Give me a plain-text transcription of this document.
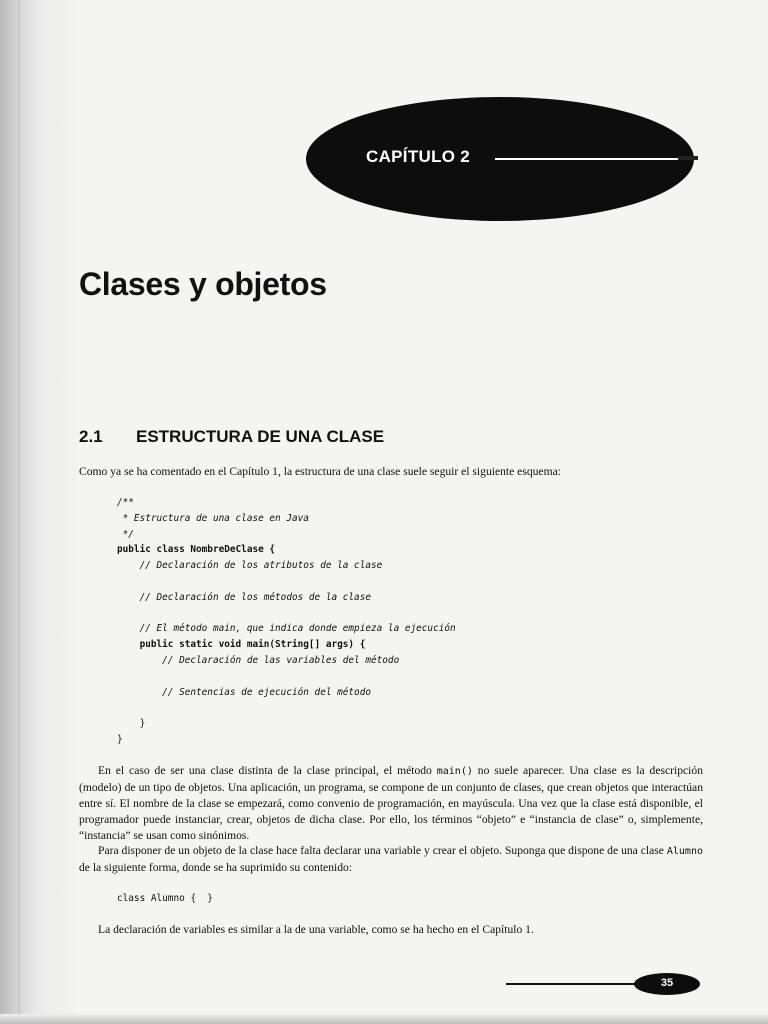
CAPÍTULO 2
Clases y objetos
2.1 ESTRUCTURA DE UNA CLASE

Como ya se ha comentado en el Capítulo 1, la estructura de una clase suele seguir el siguiente esquema:

/**
* Estructura de una clase en Java
*/
public class NombreDeClase {
// Declaración de los atributos de la clase

// Declaración de los métodos de la clase

// El método main, que indica donde empieza la ejecución
public static void main(String[] args) {
// Declaración de las variables del método

// Sentencias de ejecución del método

}
}

En el caso de ser una clase distinta de la clase principal, el método main() no suele aparecer. Una clase es la descripción (modelo) de un tipo de objetos. Una aplicación, un programa, se compone de un conjunto de clases, que crean objetos que interactúan entre sí. El nombre de la clase se empezará, como convenio de programación, en mayúscula. Una vez que la clase está disponible, el programador puede instanciar, crear, objetos de dicha clase. Por ello, los términos “objeto” e “instancia de clase” o, simplemente, “instancia” se usan como sinónimos.

Para disponer de un objeto de la clase hace falta declarar una variable y crear el objeto. Suponga que dispone de una clase Alumno de la siguiente forma, donde se ha suprimido su contenido:

class Alumno {  }

La declaración de variables es similar a la de una variable, como se ha hecho en el Capítulo 1.

35
